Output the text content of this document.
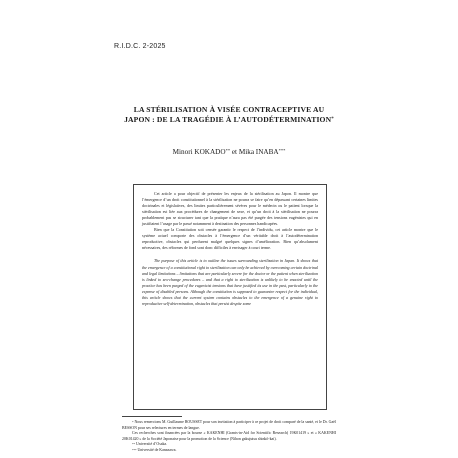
R.I.D.C. 2-2025
LA STÉRILISATION À VISÉE CONTRACEPTIVE AU
JAPON : DE LA TRAGÉDIE À L’AUTODÉTERMINATION*
Minori KOKADO** et Mika INABA***

Cet article a pour objectif de présenter les enjeux de la stérilisation au Japon. Il montre que l’émergence d’un droit constitutionnel à la stérilisation ne pourra se faire qu’en dépassant certaines limites doctrinales et législatives, des limites particulièrement sévères pour le médecin ou le patient lorsque la stérilisation est liée aux procédures de changement de sexe, et qu’un droit à la stérilisation ne pourra probablement pas se structurer tant que la pratique n’aura pas été purgée des tensions eugénistes qui en justifiaient l’usage par le passé notamment à destination des personnes handicapées.

Bien que la Constitution soit censée garantir le respect de l’individu, cet article montre que le système actuel comporte des obstacles à l’émergence d’un véritable droit à l’autodétermination reproductive, obstacles qui perdurent malgré quelques signes d’amélioration. Bien qu’absolument nécessaires, des réformes de fond sont donc difficiles à envisager à court terme.

The purpose of this article is to outline the issues surrounding sterilization in Japan. It shows that the emergence of a constitutional right to sterilization can only be achieved by overcoming certain doctrinal and legal limitations – limitations that are particularly severe for the doctor or the patient when sterilization is linked to sex-change procedures – and that a right to sterilization is unlikely to be enacted until the practice has been purged of the eugenicist tensions that have justified its use in the past, particularly to the expense of disabled persons. Although the constitution is supposed to guarantee respect for the individual, this article shows that the current system contains obstacles to the emergence of a genuine right to reproductive self-determination, obstacles that persist despite some

* Nous remercions M. Guillaume ROUSSET pour son invitation à participer à ce projet de droit comparé de la santé, et le Dr. Gaël BESSON pour ses relectures en termes de langue.

Ces recherches sont financées par la bourse « KAKENHI (Grants-in-Aid for Scientific Research) 19K01419 » et « KAKENHI 20K01420 » de la Société Japonaise pour la promotion de la Science (Nihon gakujutsu shinkō-kai).

** Université d’Osaka.

*** Université de Kanazawa.
